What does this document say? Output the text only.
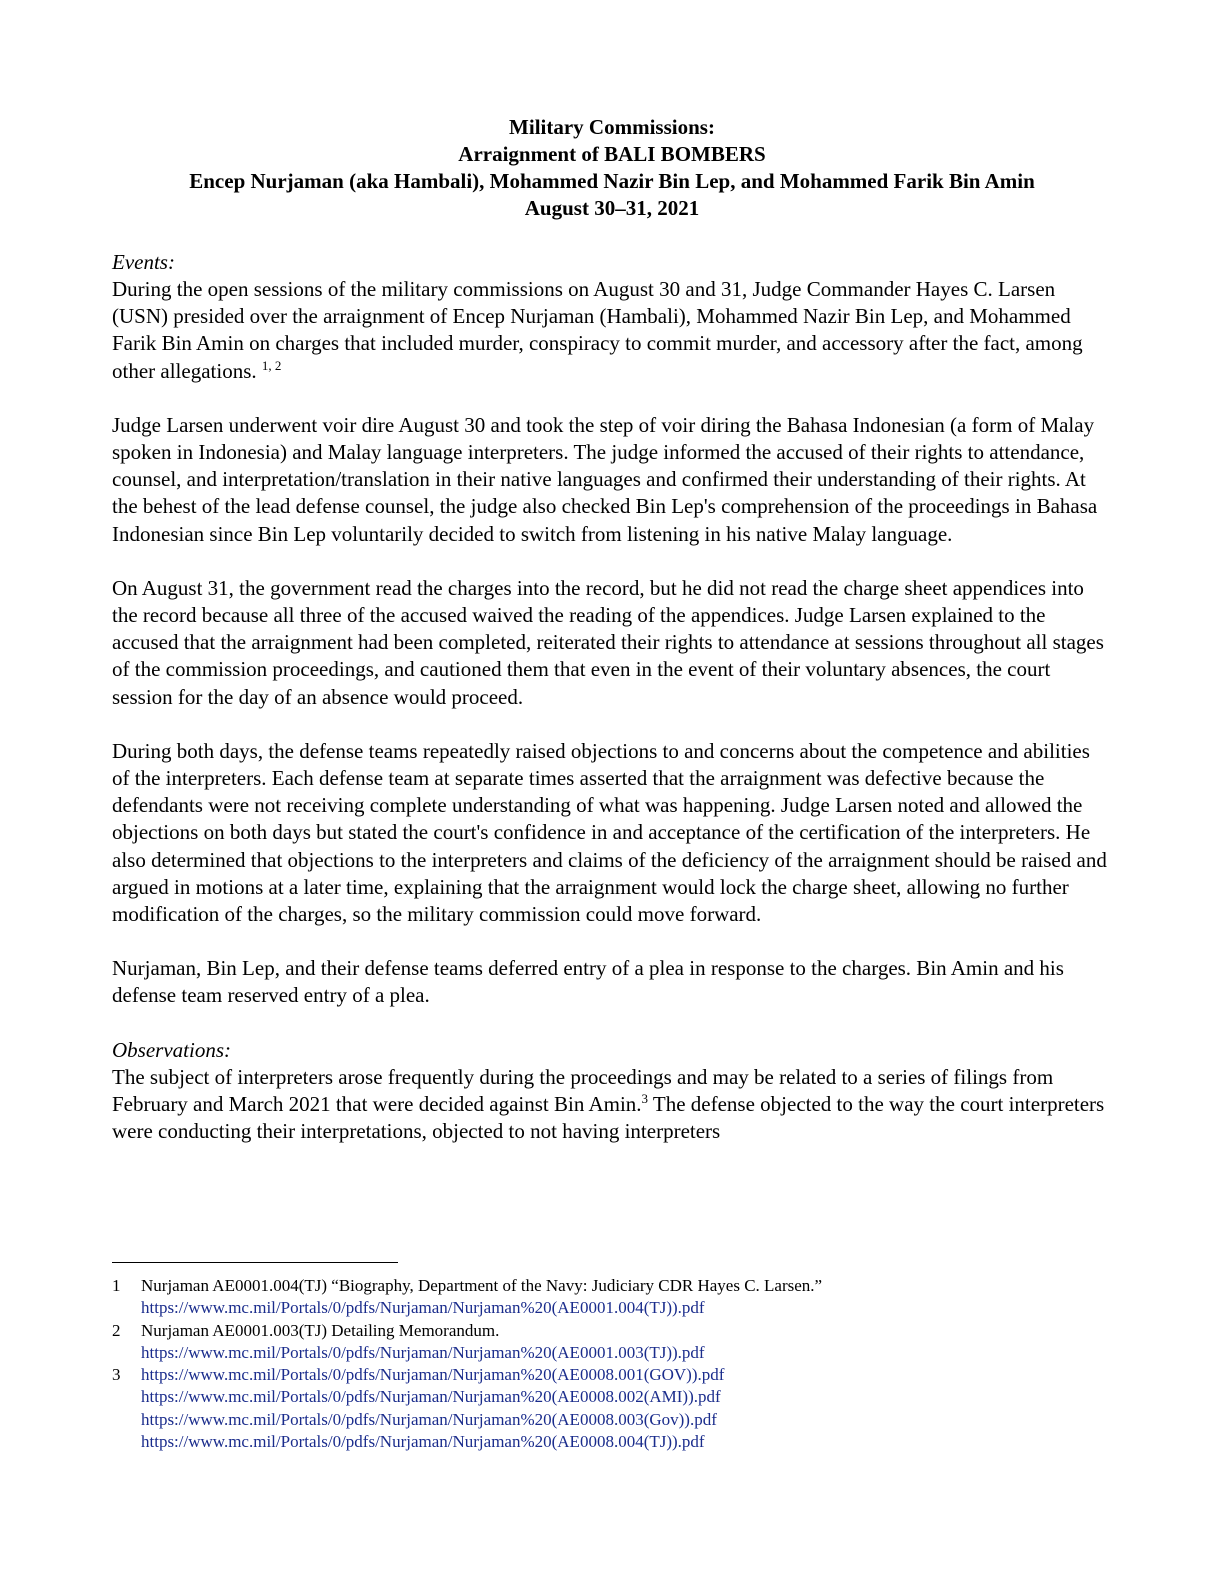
Military Commissions:
Arraignment of BALI BOMBERS
Encep Nurjaman (aka Hambali), Mohammed Nazir Bin Lep, and Mohammed Farik Bin Amin
August 30–31, 2021
Events:

During the open sessions of the military commissions on August 30 and 31, Judge Commander Hayes C. Larsen (USN) presided over the arraignment of Encep Nurjaman (Hambali), Mohammed Nazir Bin Lep, and Mohammed Farik Bin Amin on charges that included murder, conspiracy to commit murder, and accessory after the fact, among other allegations. $^{1, 2}$

Judge Larsen underwent voir dire August 30 and took the step of voir diring the Bahasa Indonesian (a form of Malay spoken in Indonesia) and Malay language interpreters. The judge informed the accused of their rights to attendance, counsel, and interpretation/translation in their native languages and confirmed their understanding of their rights. At the behest of the lead defense counsel, the judge also checked Bin Lep's comprehension of the proceedings in Bahasa Indonesian since Bin Lep voluntarily decided to switch from listening in his native Malay language.

On August 31, the government read the charges into the record, but he did not read the charge sheet appendices into the record because all three of the accused waived the reading of the appendices. Judge Larsen explained to the accused that the arraignment had been completed, reiterated their rights to attendance at sessions throughout all stages of the commission proceedings, and cautioned them that even in the event of their voluntary absences, the court session for the day of an absence would proceed.

During both days, the defense teams repeatedly raised objections to and concerns about the competence and abilities of the interpreters. Each defense team at separate times asserted that the arraignment was defective because the defendants were not receiving complete understanding of what was happening. Judge Larsen noted and allowed the objections on both days but stated the court's confidence in and acceptance of the certification of the interpreters. He also determined that objections to the interpreters and claims of the deficiency of the arraignment should be raised and argued in motions at a later time, explaining that the arraignment would lock the charge sheet, allowing no further modification of the charges, so the military commission could move forward.

Nurjaman, Bin Lep, and their defense teams deferred entry of a plea in response to the charges. Bin Amin and his defense team reserved entry of a plea.

Observations:

The subject of interpreters arose frequently during the proceedings and may be related to a series of filings from February and March 2021 that were decided against Bin Amin.$^3$ The defense objected to the way the court interpreters were conducting their interpretations, objected to not having interpreters

1	Nurjaman AE0001.004(TJ) “Biography, Department of the Navy: Judiciary CDR Hayes C. Larsen.”
https://www.mc.mil/Portals/0/pdfs/Nurjaman/Nurjaman%20(AE0001.004(TJ)).pdf
2	Nurjaman AE0001.003(TJ) Detailing Memorandum.
https://www.mc.mil/Portals/0/pdfs/Nurjaman/Nurjaman%20(AE0001.003(TJ)).pdf
3	https://www.mc.mil/Portals/0/pdfs/Nurjaman/Nurjaman%20(AE0008.001(GOV)).pdf
https://www.mc.mil/Portals/0/pdfs/Nurjaman/Nurjaman%20(AE0008.002(AMI)).pdf
https://www.mc.mil/Portals/0/pdfs/Nurjaman/Nurjaman%20(AE0008.003(Gov)).pdf
https://www.mc.mil/Portals/0/pdfs/Nurjaman/Nurjaman%20(AE0008.004(TJ)).pdf
